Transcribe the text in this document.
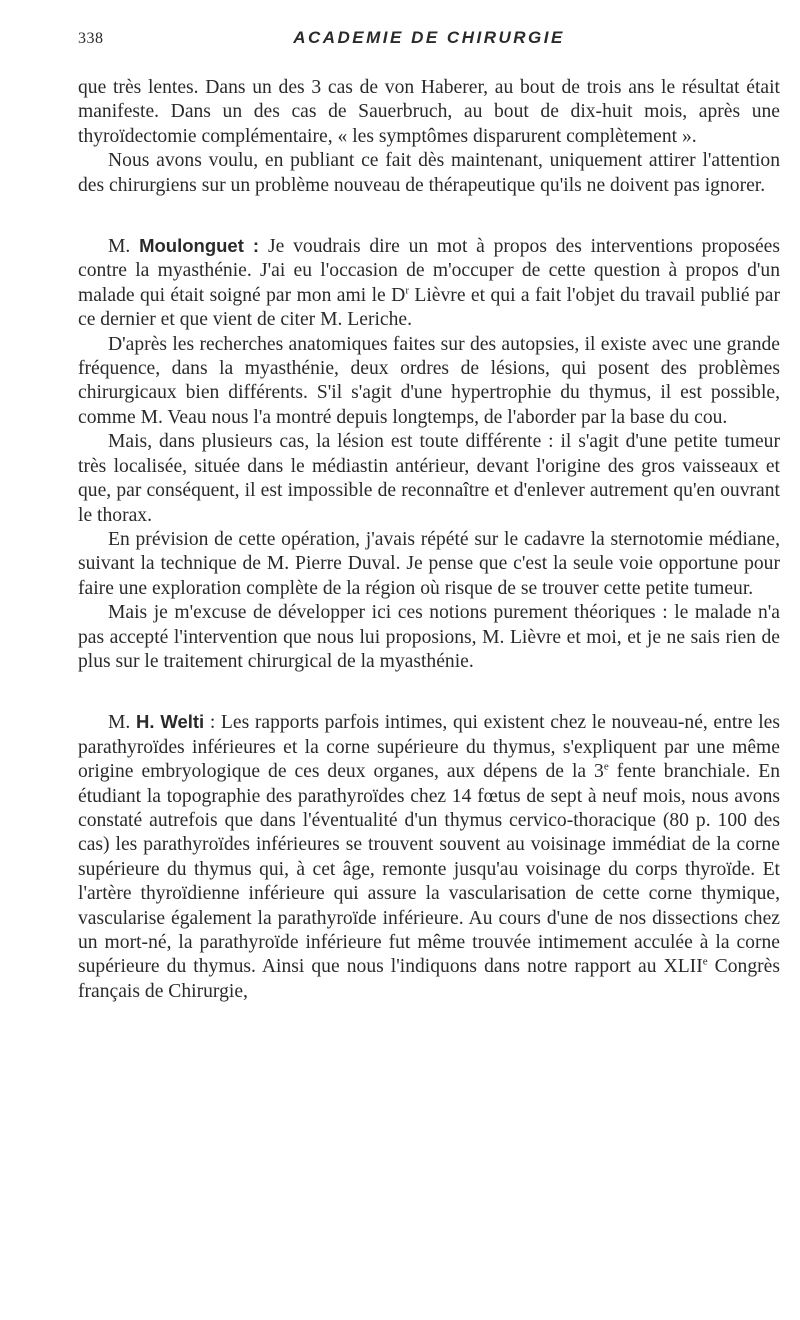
338	ACADEMIE DE CHIRURGIE

que très lentes. Dans un des 3 cas de von Haberer, au bout de trois ans le résultat était manifeste. Dans un des cas de Sauerbruch, au bout de dix-huit mois, après une thyroïdectomie complémentaire, « les symptômes disparurent complètement ».

Nous avons voulu, en publiant ce fait dès maintenant, uniquement attirer l'attention des chirurgiens sur un problème nouveau de thérapeutique qu'ils ne doivent pas ignorer.

M. Moulonguet : Je voudrais dire un mot à propos des interventions proposées contre la myasthénie. J'ai eu l'occasion de m'occuper de cette question à propos d'un malade qui était soigné par mon ami le $D^r$ Lièvre et qui a fait l'objet du travail publié par ce dernier et que vient de citer M. Leriche.

D'après les recherches anatomiques faites sur des autopsies, il existe avec une grande fréquence, dans la myasthénie, deux ordres de lésions, qui posent des problèmes chirurgicaux bien différents. S'il s'agit d'une hypertrophie du thymus, il est possible, comme M. Veau nous l'a montré depuis longtemps, de l'aborder par la base du cou.

Mais, dans plusieurs cas, la lésion est toute différente : il s'agit d'une petite tumeur très localisée, située dans le médiastin antérieur, devant l'origine des gros vaisseaux et que, par conséquent, il est impossible de reconnaître et d'enlever autrement qu'en ouvrant le thorax.

En prévision de cette opération, j'avais répété sur le cadavre la sternotomie médiane, suivant la technique de M. Pierre Duval. Je pense que c'est la seule voie opportune pour faire une exploration complète de la région où risque de se trouver cette petite tumeur.

Mais je m'excuse de développer ici ces notions purement théoriques : le malade n'a pas accepté l'intervention que nous lui proposions, M. Lièvre et moi, et je ne sais rien de plus sur le traitement chirurgical de la myasthénie.

M. H. Welti : Les rapports parfois intimes, qui existent chez le nouveau-né, entre les parathyroïdes inférieures et la corne supérieure du thymus, s'expliquent par une même origine embryologique de ces deux organes, aux dépens de la 3e fente branchiale. En étudiant la topographie des parathyroïdes chez 14 fœtus de sept à neuf mois, nous avons constaté autrefois que dans l'éventualité d'un thymus cervico-thoracique (80 p. 100 des cas) les parathyroïdes inférieures se trouvent souvent au voisinage immédiat de la corne supérieure du thymus qui, à cet âge, remonte jusqu'au voisinage du corps thyroïde. Et l'artère thyroïdienne inférieure qui assure la vascularisation de cette corne thymique, vascularise également la parathyroïde inférieure. Au cours d'une de nos dissections chez un mort-né, la parathyroïde inférieure fut même trouvée intimement acculée à la corne supérieure du thymus. Ainsi que nous l'indiquons dans notre rapport au XLIIe Congrès français de Chirurgie,
